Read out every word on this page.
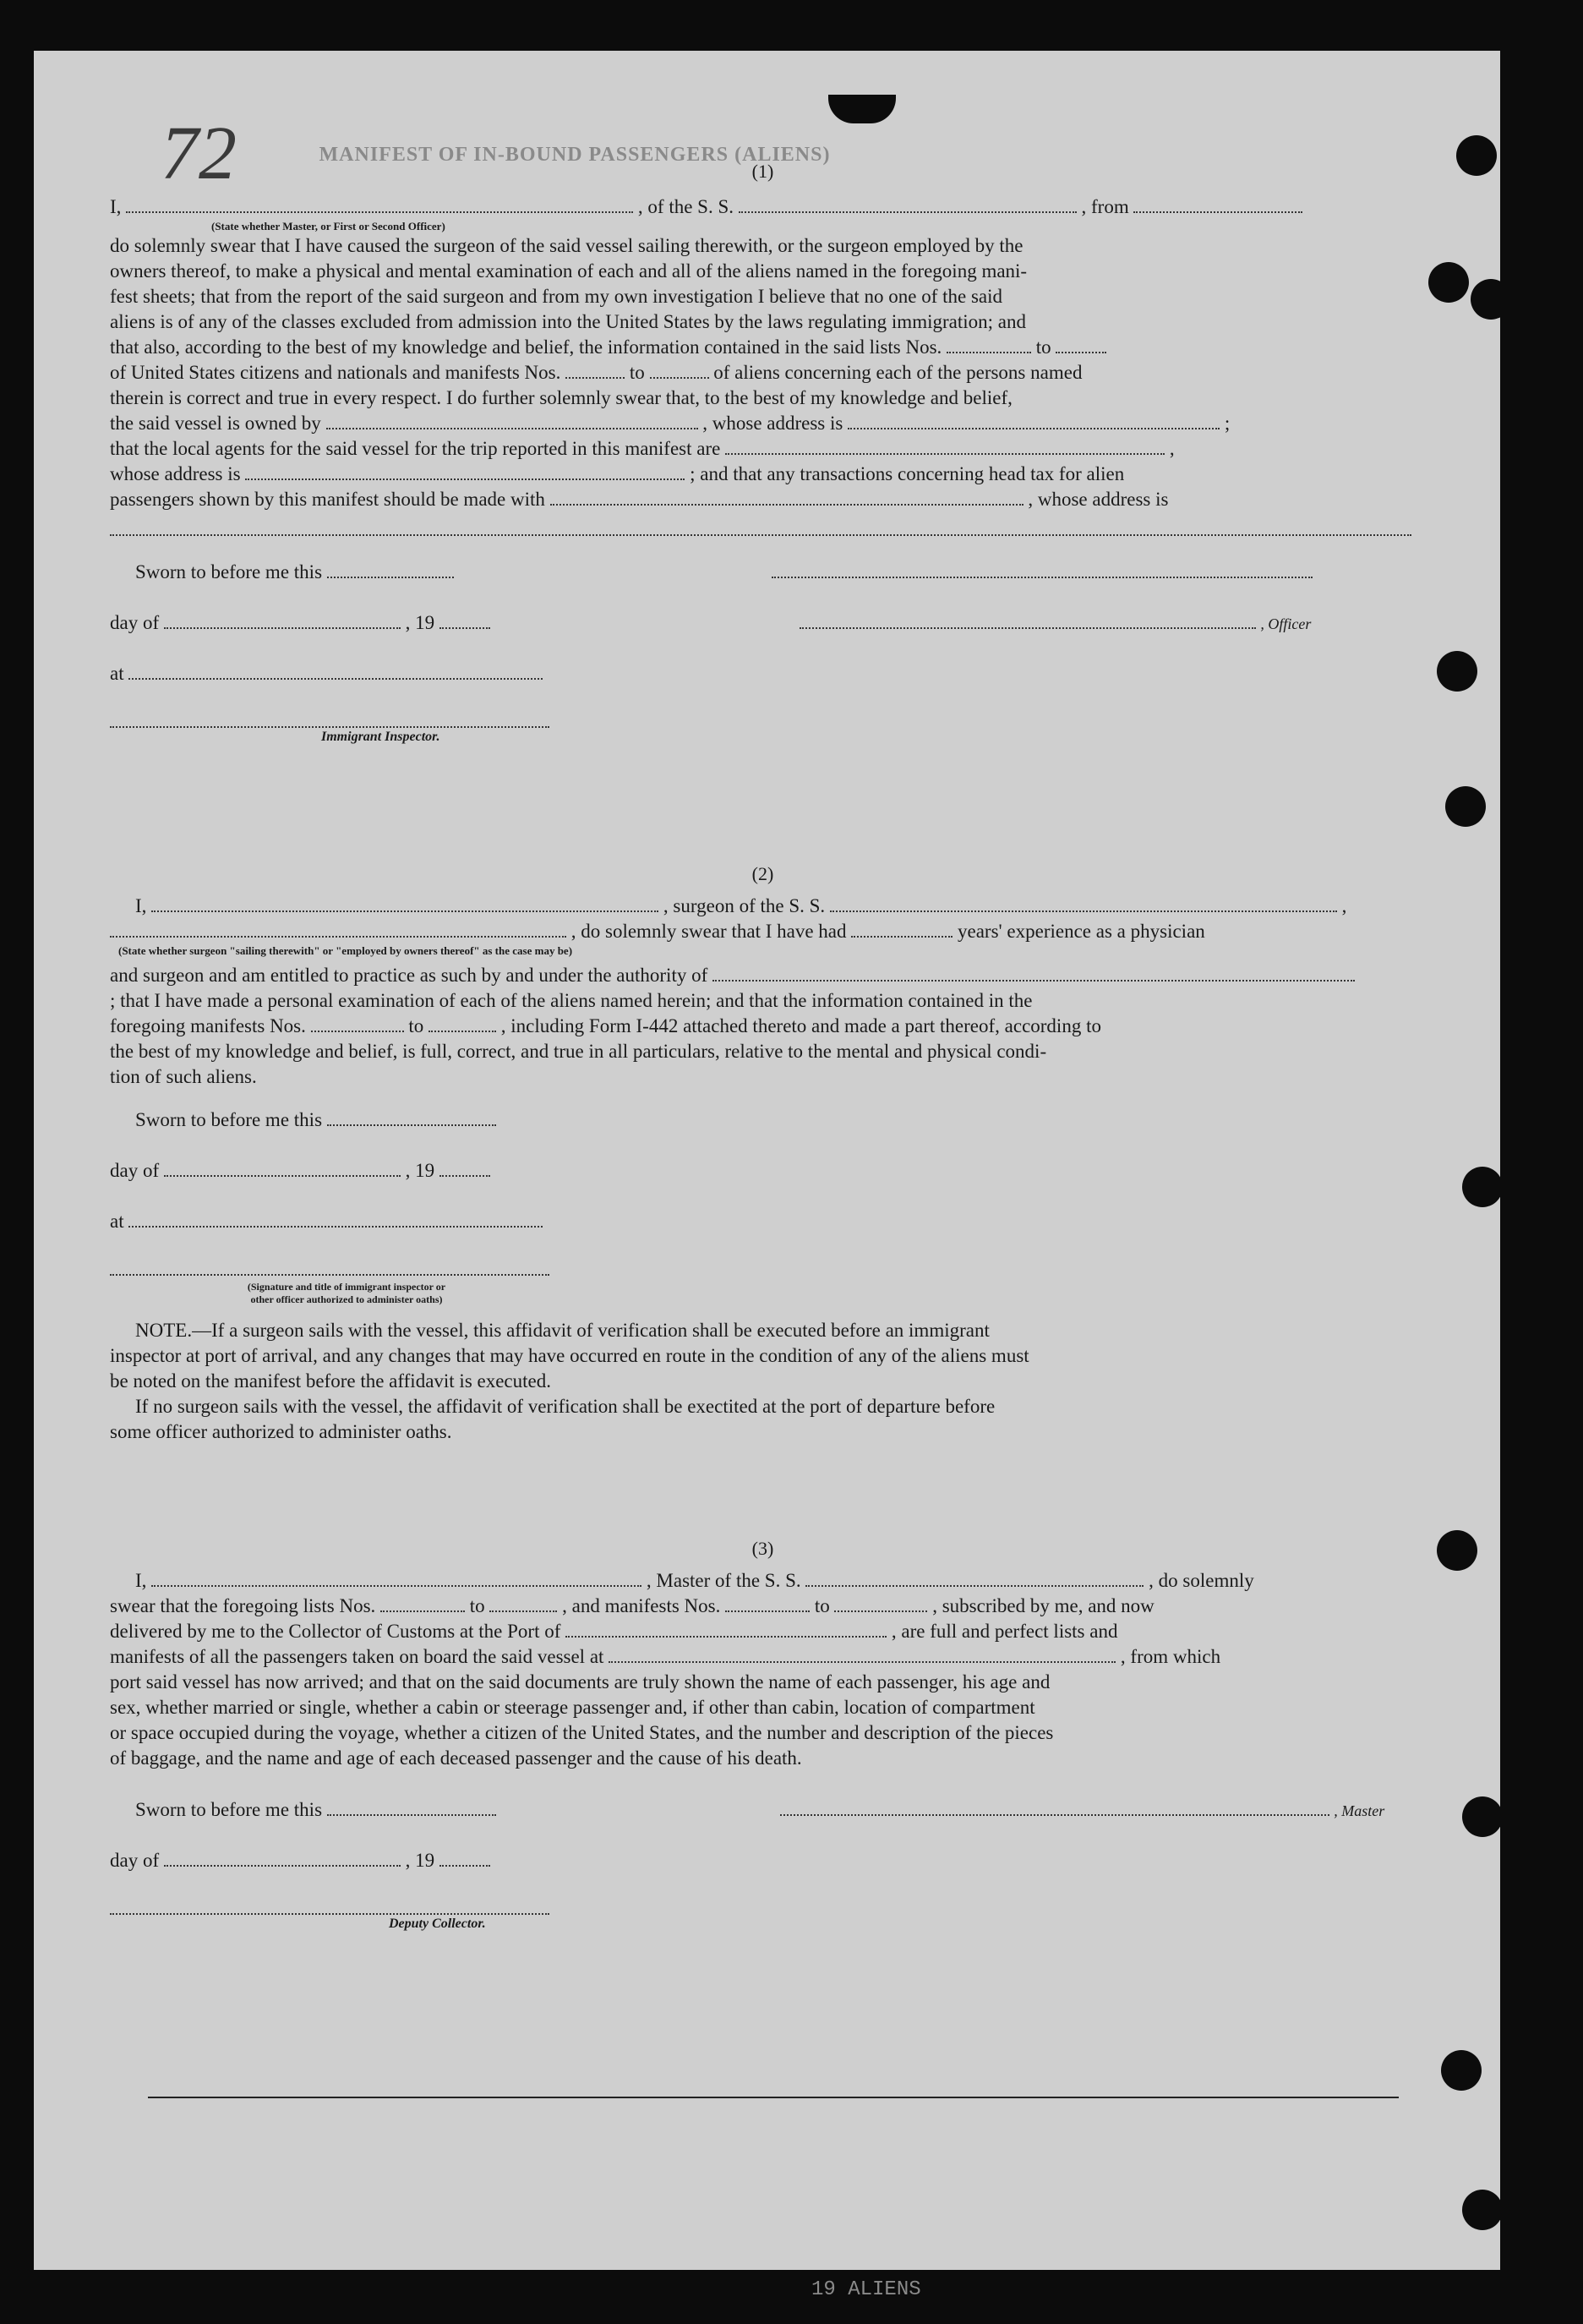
72	MANIFEST OF IN-BOUND PASSENGERS (ALIENS)

(1)

I,	, of the S. S.	, from

(State whether Master, or First or Second Officer)

do solemnly swear that I have caused the surgeon of the said vessel sailing therewith, or the surgeon employed by the

owners thereof, to make a physical and mental examination of each and all of the aliens named in the foregoing mani-

fest sheets; that from the report of the said surgeon and from my own investigation I believe that no one of the said

aliens is of any of the classes excluded from admission into the United States by the laws regulating immigration; and

that also, according to the best of my knowledge and belief, the information contained in the said lists Nos.	to

of United States citizens and nationals and manifests Nos.	to	of aliens concerning each of the persons named

therein is correct and true in every respect. I do further solemnly swear that, to the best of my knowledge and belief,

the said vessel is owned by	, whose address is	;

that the local agents for the said vessel for the trip reported in this manifest are	,

whose address is	; and that any transactions concerning head tax for alien

passengers shown by this manifest should be made with	, whose address is

Sworn to before me this
day of	, 19	, Officer
at
Immigrant Inspector.

(2)

I,	, surgeon of the S. S.	,

, do solemnly swear that I have had	years' experience as a physician

(State whether surgeon "sailing therewith" or "employed by owners thereof" as the case may be)

and surgeon and am entitled to practice as such by and under the authority of

; that I have made a personal examination of each of the aliens named herein; and that the information contained in the

foregoing manifests Nos.	to	, including Form I-442 attached thereto and made a part thereof, according to

the best of my knowledge and belief, is full, correct, and true in all particulars, relative to the mental and physical condi-

tion of such aliens.

Sworn to before me this
day of	, 19
at
(Signature and title of immigrant inspector or
other officer authorized to administer oaths)

NOTE.—If a surgeon sails with the vessel, this affidavit of verification shall be executed before an immigrant

inspector at port of arrival, and any changes that may have occurred en route in the condition of any of the aliens must

be noted on the manifest before the affidavit is executed.

If no surgeon sails with the vessel, the affidavit of verification shall be exectited at the port of departure before

some officer authorized to administer oaths.

(3)

I,	, Master of the S. S.	, do solemnly

swear that the foregoing lists Nos.	to	, and manifests Nos.	to	, subscribed by me, and now

delivered by me to the Collector of Customs at the Port of	, are full and perfect lists and

manifests of all the passengers taken on board the said vessel at	, from which

port said vessel has now arrived; and that on the said documents are truly shown the name of each passenger, his age and

sex, whether married or single, whether a cabin or steerage passenger and, if other than cabin, location of compartment

or space occupied during the voyage, whether a citizen of the United States, and the number and description of the pieces

of baggage, and the name and age of each deceased passenger and the cause of his death.

Sworn to before me this	, Master
day of	, 19
Deputy Collector.
19 ALIENS
